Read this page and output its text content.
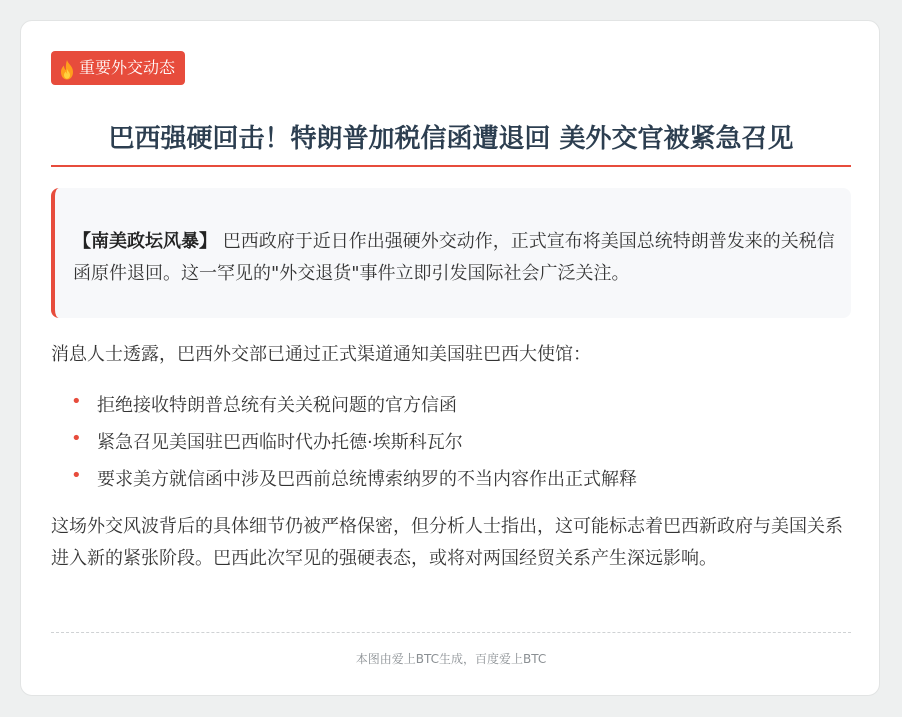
重要外交动态
巴西强硬回击！特朗普加税信函遭退回 美外交官被紧急召见
【南美政坛风暴】 巴西政府于近日作出强硬外交动作，正式宣布将美国总统特朗普发来的关税信函原件退回。这一罕见的"外交退货"事件立即引发国际社会广泛关注。
消息人士透露，巴西外交部已通过正式渠道通知美国驻巴西大使馆：
• 拒绝接收特朗普总统有关关税问题的官方信函
• 紧急召见美国驻巴西临时代办托德·埃斯科瓦尔
• 要求美方就信函中涉及巴西前总统博索纳罗的不当内容作出正式解释
这场外交风波背后的具体细节仍被严格保密，但分析人士指出，这可能标志着巴西新政府与美国关系进入新的紧张阶段。巴西此次罕见的强硬表态，或将对两国经贸关系产生深远影响。
本图由爱上BTC生成，百度爱上BTC
